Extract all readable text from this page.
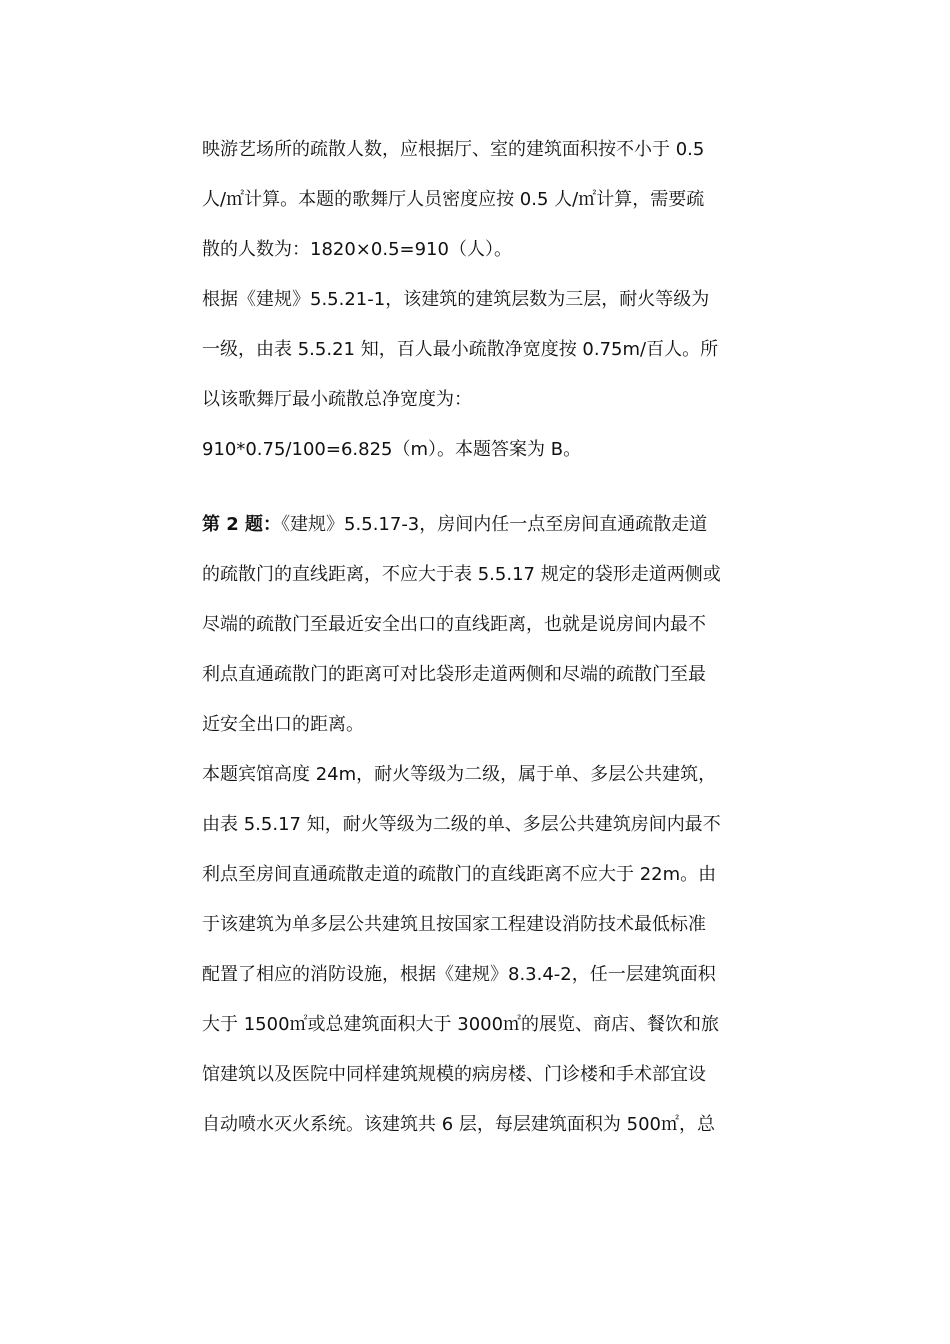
映游艺场所的疏散人数，应根据厅、室的建筑面积按不小于 0.5
人/㎡计算。本题的歌舞厅人员密度应按 0.5 人/㎡计算，需要疏
散的人数为：1820×0.5=910（人）。
根据《建规》5.5.21-1，该建筑的建筑层数为三层，耐火等级为
一级，由表 5.5.21 知，百人最小疏散净宽度按 0.75m/百人。所
以该歌舞厅最小疏散总净宽度为：
910*0.75/100=6.825（m）。本题答案为 B。
第 2 题：《建规》5.5.17-3，房间内任一点至房间直通疏散走道
的疏散门的直线距离，不应大于表 5.5.17 规定的袋形走道两侧或
尽端的疏散门至最近安全出口的直线距离，也就是说房间内最不
利点直通疏散门的距离可对比袋形走道两侧和尽端的疏散门至最
近安全出口的距离。
本题宾馆高度 24m，耐火等级为二级，属于单、多层公共建筑，
由表 5.5.17 知，耐火等级为二级的单、多层公共建筑房间内最不
利点至房间直通疏散走道的疏散门的直线距离不应大于 22m。由
于该建筑为单多层公共建筑且按国家工程建设消防技术最低标准
配置了相应的消防设施，根据《建规》8.3.4-2，任一层建筑面积
大于 1500㎡或总建筑面积大于 3000㎡的展览、商店、餐饮和旅
馆建筑以及医院中同样建筑规模的病房楼、门诊楼和手术部宜设
自动喷水灭火系统。该建筑共 6 层，每层建筑面积为 500㎡，总
